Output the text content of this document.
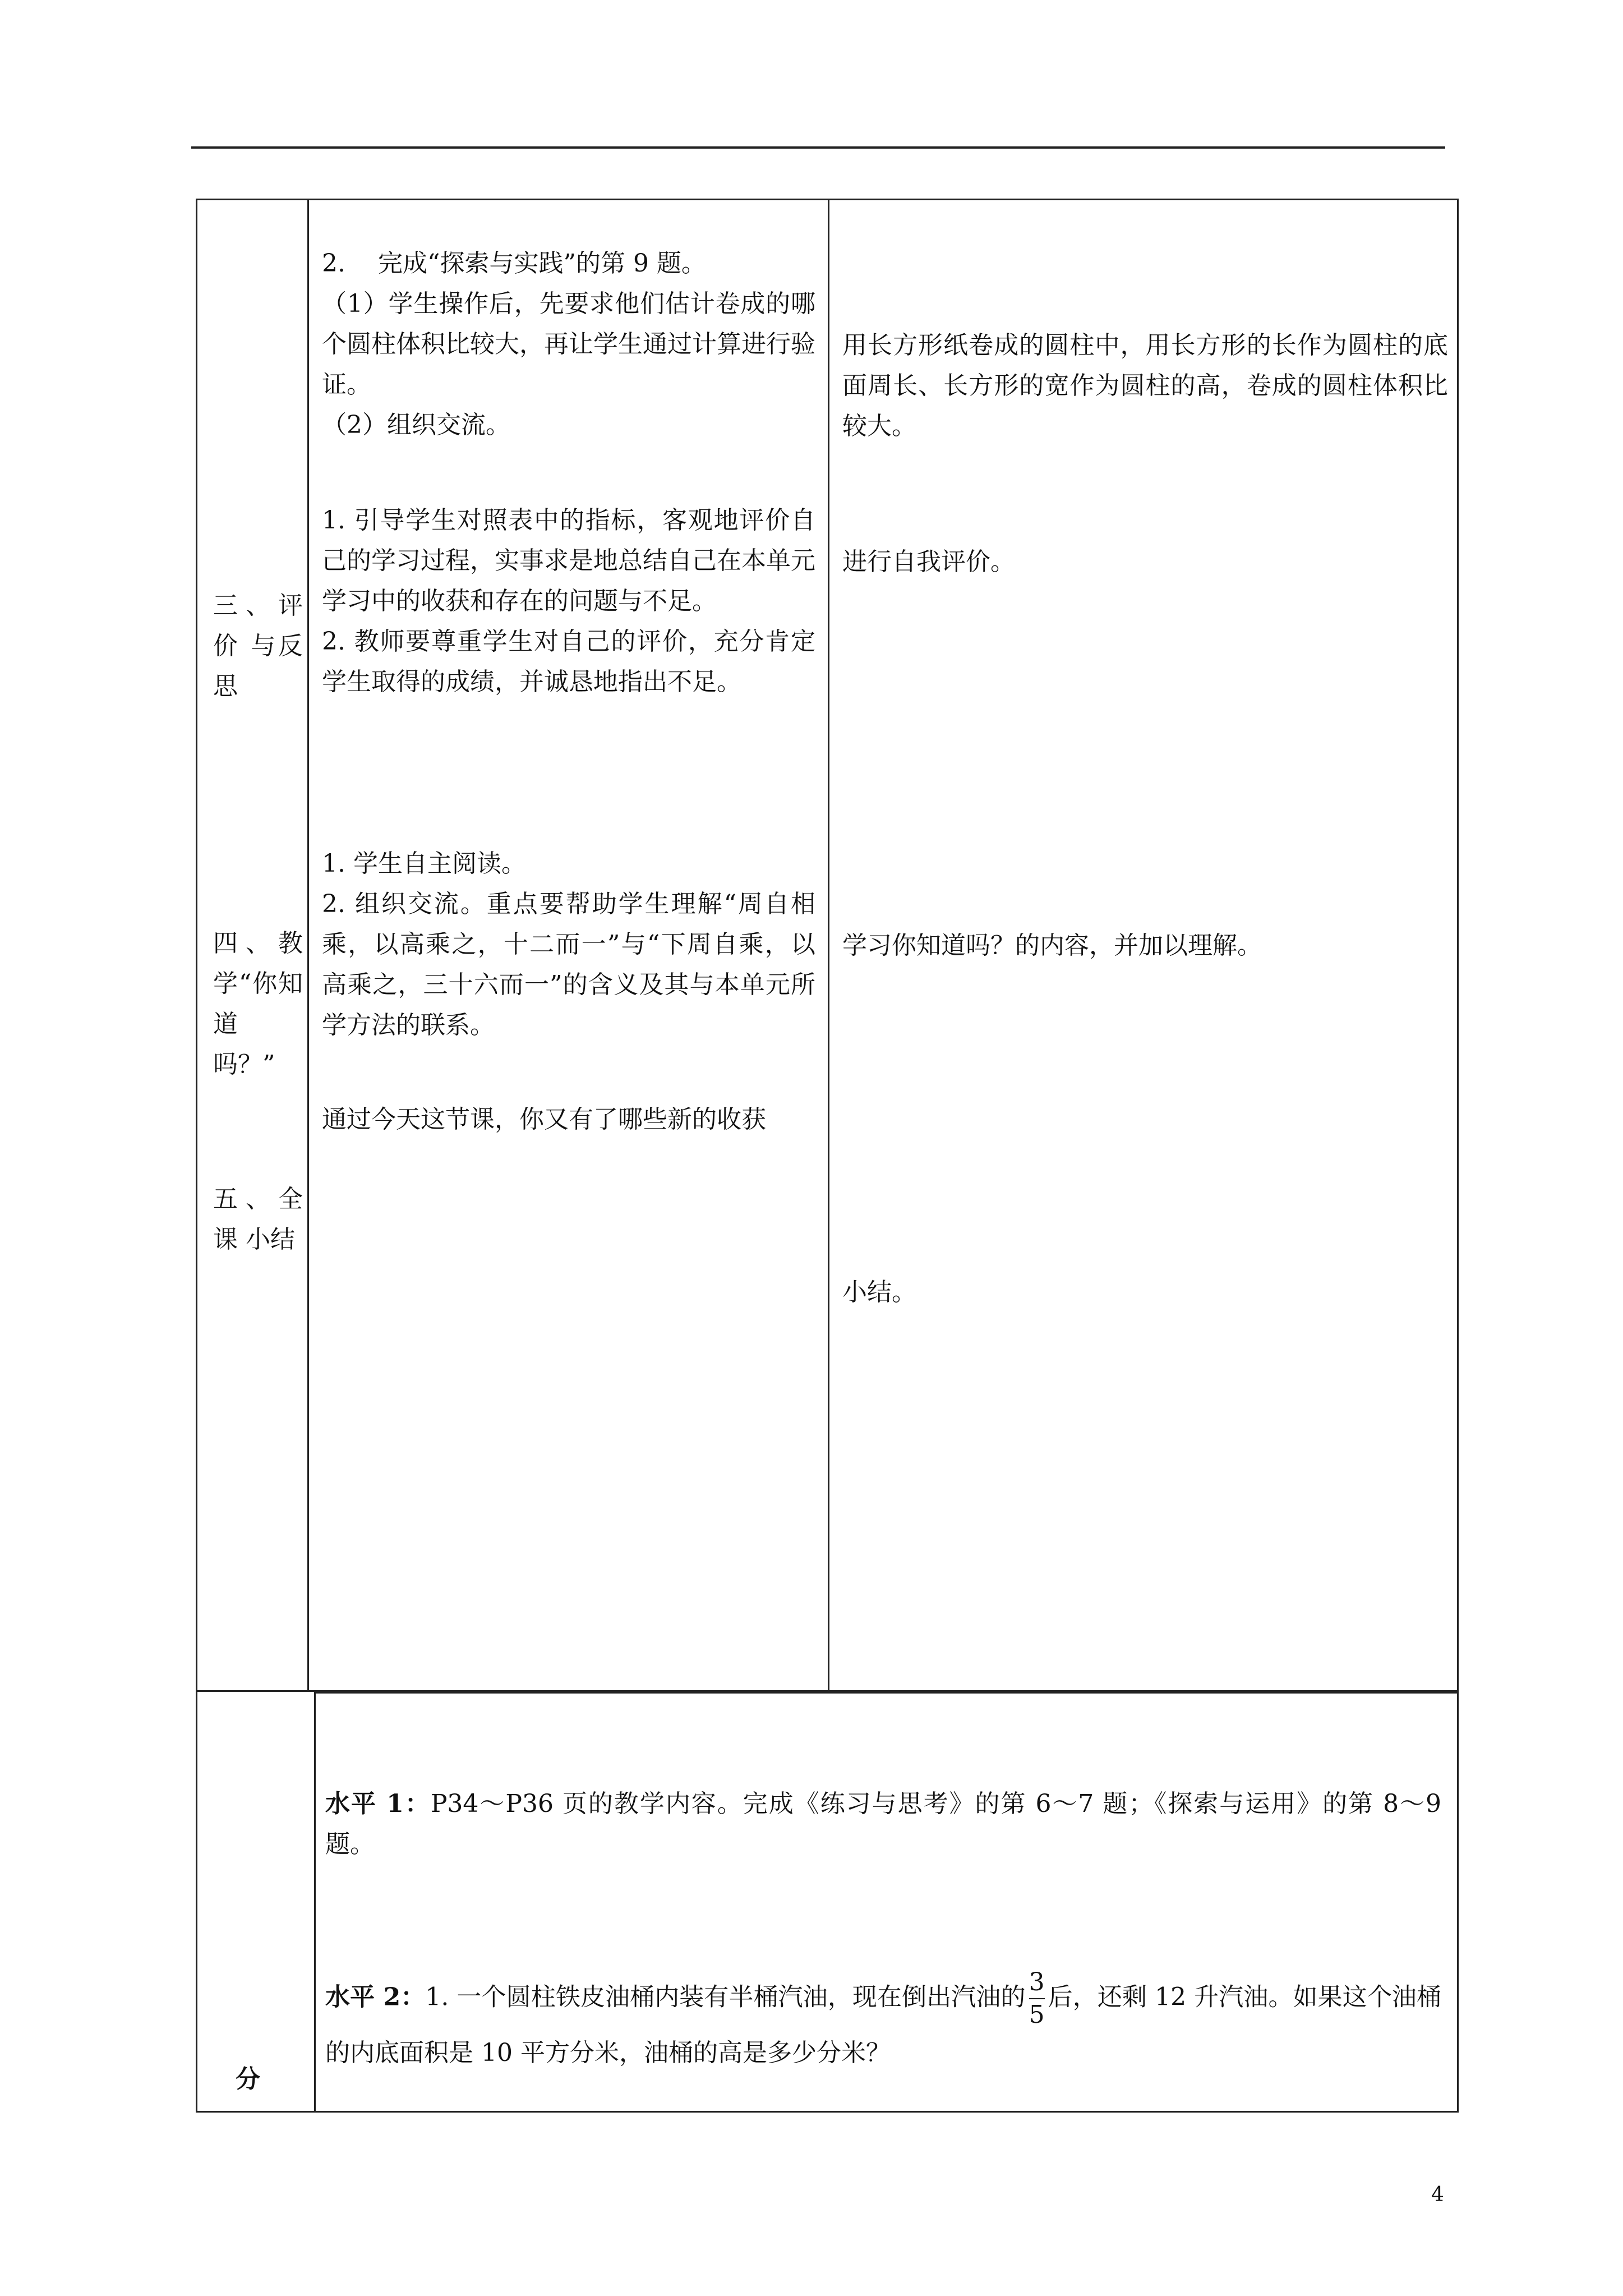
2.　 完成“探索与实践”的第 9 题。

（1）学生操作后，先要求他们估计卷成的哪个圆柱体积比较大，再让学生通过计算进行验证。

（2）组织交流。

用长方形纸卷成的圆柱中，用长方形的长作为圆柱的底面周长、长方形的宽作为圆柱的高，卷成的圆柱体积比较大。
三、评价 与反思

1. 引导学生对照表中的指标，客观地评价自己的学习过程，实事求是地总结自己在本单元学习中的收获和存在的问题与不足。

2. 教师要尊重学生对自己的评价，充分肯定学生取得的成绩，并诚恳地指出不足。

进行自我评价。
四、教学“你知 道 吗？”

1. 学生自主阅读。

2. 组织交流。重点要帮助学生理解“周自相乘，以高乘之，十二而一”与“下周自乘，以高乘之，三十六而一”的含义及其与本单元所学方法的联系。

学习你知道吗？的内容，并加以理解。
五、全课 小结
通过今天这节课，你又有了哪些新的收获
小结。
分
水平 1：P34～P36 页的教学内容。完成《练习与思考》的第 6～7 题；《探索与运用》的第 8～9 题。
水平 2：1. 一个圆柱铁皮油桶内装有半桶汽油，现在倒出汽油的 $\frac{3}{5}$ 后，还剩 12 升汽油。如果这个油桶的内底面积是 10 平方分米，油桶的高是多少分米？
4
